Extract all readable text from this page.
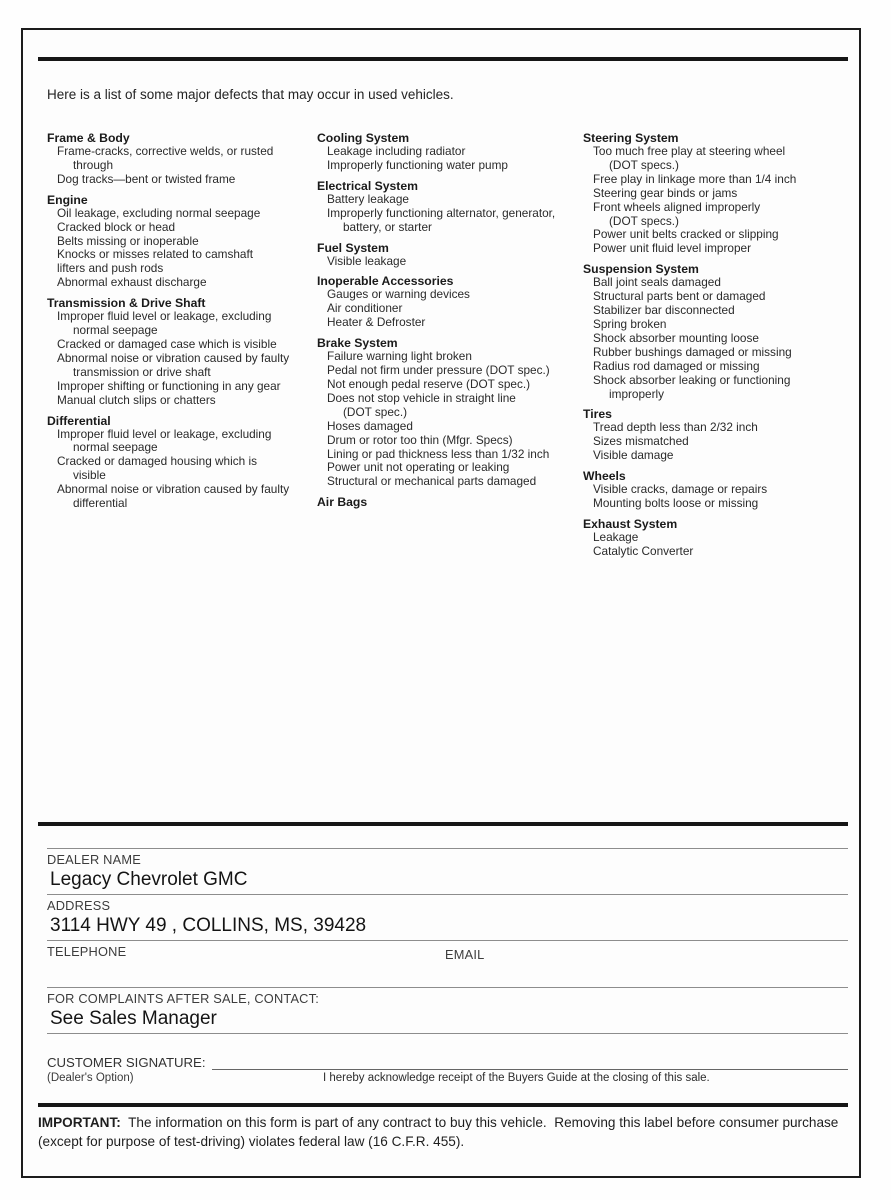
Here is a list of some major defects that may occur in used vehicles.
Frame & Body
Frame-cracks, corrective welds, or rusted
through
Dog tracks—bent or twisted frame
Engine
Oil leakage, excluding normal seepage
Cracked block or head
Belts missing or inoperable
Knocks or misses related to camshaft
lifters and push rods
Abnormal exhaust discharge
Transmission & Drive Shaft
Improper fluid level or leakage, excluding
normal seepage
Cracked or damaged case which is visible
Abnormal noise or vibration caused by faulty
transmission or drive shaft
Improper shifting or functioning in any gear
Manual clutch slips or chatters
Differential
Improper fluid level or leakage, excluding
normal seepage
Cracked or damaged housing which is
visible
Abnormal noise or vibration caused by faulty
differential
Cooling System
Leakage including radiator
Improperly functioning water pump
Electrical System
Battery leakage
Improperly functioning alternator, generator,
battery, or starter
Fuel System
Visible leakage
Inoperable Accessories
Gauges or warning devices
Air conditioner
Heater & Defroster
Brake System
Failure warning light broken
Pedal not firm under pressure (DOT spec.)
Not enough pedal reserve (DOT spec.)
Does not stop vehicle in straight line
(DOT spec.)
Hoses damaged
Drum or rotor too thin (Mfgr. Specs)
Lining or pad thickness less than 1/32 inch
Power unit not operating or leaking
Structural or mechanical parts damaged
Air Bags
Steering System
Too much free play at steering wheel
(DOT specs.)
Free play in linkage more than 1/4 inch
Steering gear binds or jams
Front wheels aligned improperly
(DOT specs.)
Power unit belts cracked or slipping
Power unit fluid level improper
Suspension System
Ball joint seals damaged
Structural parts bent or damaged
Stabilizer bar disconnected
Spring broken
Shock absorber mounting loose
Rubber bushings damaged or missing
Radius rod damaged or missing
Shock absorber leaking or functioning
improperly
Tires
Tread depth less than 2/32 inch
Sizes mismatched
Visible damage
Wheels
Visible cracks, damage or repairs
Mounting bolts loose or missing
Exhaust System
Leakage
Catalytic Converter
DEALER NAME
Legacy Chevrolet GMC
ADDRESS
3114 HWY 49 , COLLINS, MS, 39428
TELEPHONE	EMAIL
FOR COMPLAINTS AFTER SALE, CONTACT:
See Sales Manager
CUSTOMER SIGNATURE:
(Dealer's Option)	I hereby acknowledge receipt of the Buyers Guide at the closing of this sale.
IMPORTANT:  The information on this form is part of any contract to buy this vehicle.  Removing this label before consumer purchase (except for purpose of test-driving) violates federal law (16 C.F.R. 455).
